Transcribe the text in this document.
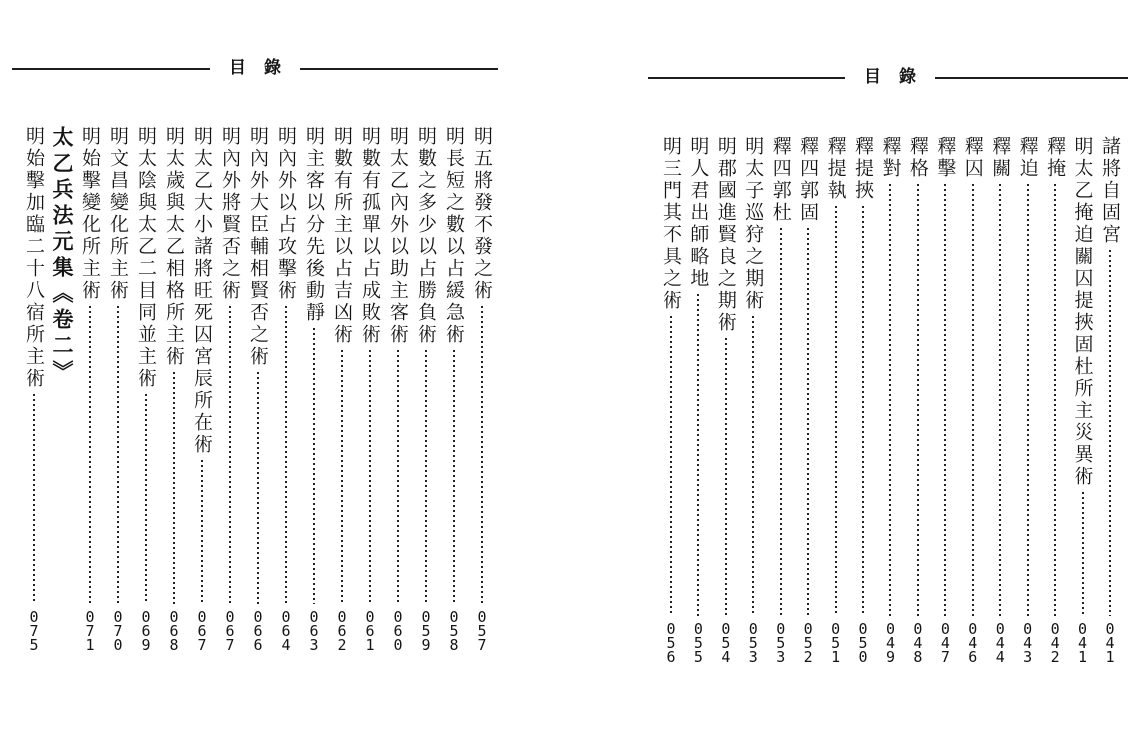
目錄
明五將發不發之術
057
明長短之數以占緩急術
058
明數之多少以占勝負術
059
明太乙內外以助主客術
060
明數有孤單以占成敗術
061
明數有所主以占吉凶術
062
明主客以分先後動靜
063
明內外以占攻擊術
064
明內外大臣輔相賢否之術
066
明內外將賢否之術
067
明太乙大小諸將旺死囚宮辰所在術
067
明太歲與太乙相格所主術
068
明太陰與太乙二目同並主術
069
明文昌變化所主術
070
明始擊變化所主術
071
太乙兵法元集《卷二》
明始擊加臨二十八宿所主術
075
目錄
諸將自固宮
041
明太乙掩迫關囚提挾固杜所主災異術
041
釋掩
042
釋迫
043
釋關
044
釋囚
046
釋擊
047
釋格
048
釋對
049
釋提挾
050
釋提執
051
釋四郭固
052
釋四郭杜
053
明太子巡狩之期術
053
明郡國進賢良之期術
054
明人君出師略地
055
明三門其不具之術
056
